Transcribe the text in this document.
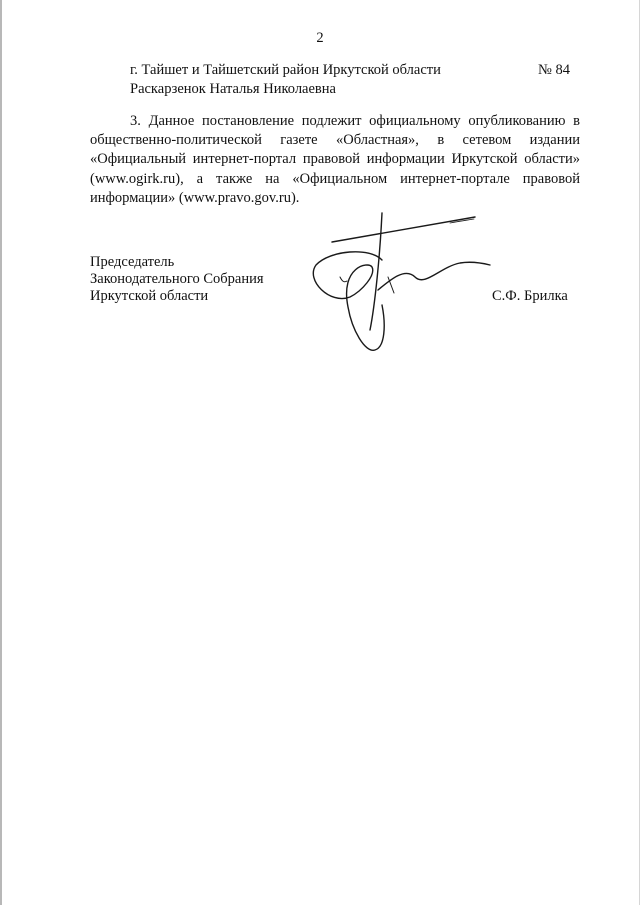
2
г. Тайшет и Тайшетский район Иркутской области	№ 84
Раскарзенок Наталья Николаевна
3. Данное постановление подлежит официальному опубликованию в общественно-политической газете «Областная», в сетевом издании «Официальный интернет-портал правовой информации Иркутской области» (www.ogirk.ru), а также на «Официальном интернет-портале правовой информации» (www.pravo.gov.ru).
Председатель
Законодательного Собрания
Иркутской области	С.Ф. Брилка
